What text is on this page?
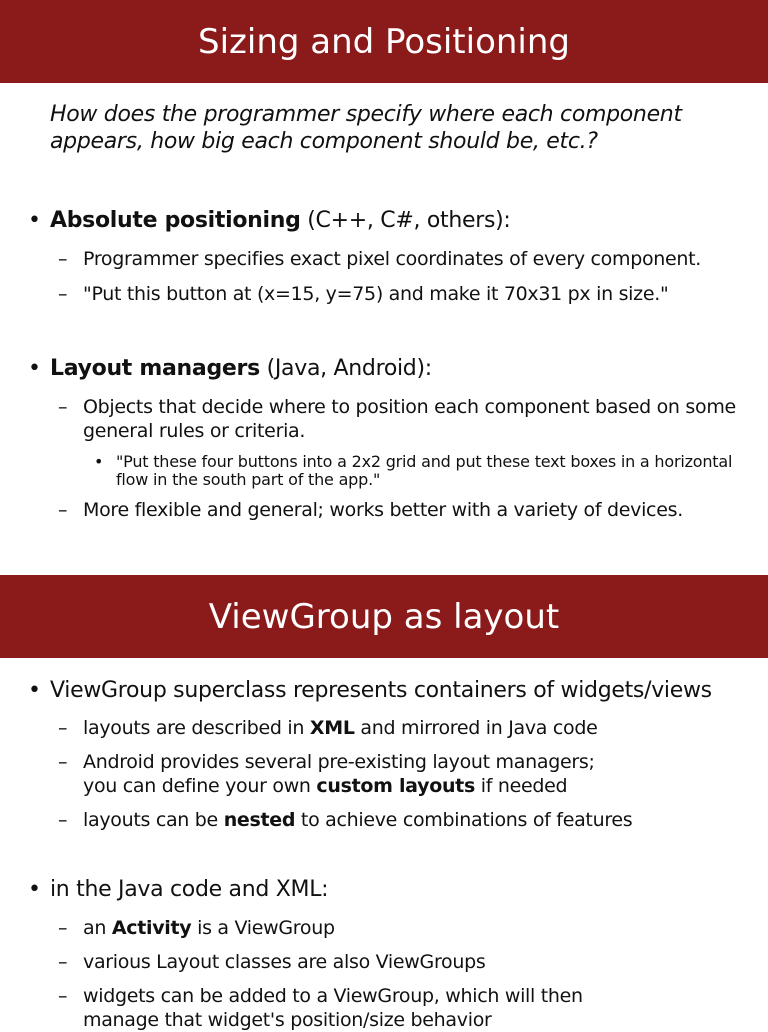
Sizing and Positioning
How does the programmer specify where each component appears, how big each component should be, etc.?
• Absolute positioning (C++, C#, others):
– Programmer specifies exact pixel coordinates of every component.
– "Put this button at (x=15, y=75) and make it 70x31 px in size."
• Layout managers (Java, Android):
– Objects that decide where to position each component based on some general rules or criteria.
• "Put these four buttons into a 2x2 grid and put these text boxes in a horizontal flow in the south part of the app."
– More flexible and general; works better with a variety of devices.
ViewGroup as layout
• ViewGroup superclass represents containers of widgets/views
– layouts are described in XML and mirrored in Java code
– Android provides several pre-existing layout managers;
you can define your own custom layouts if needed
– layouts can be nested to achieve combinations of features
• in the Java code and XML:
– an Activity is a ViewGroup
– various Layout classes are also ViewGroups
– widgets can be added to a ViewGroup, which will then
manage that widget's position/size behavior
